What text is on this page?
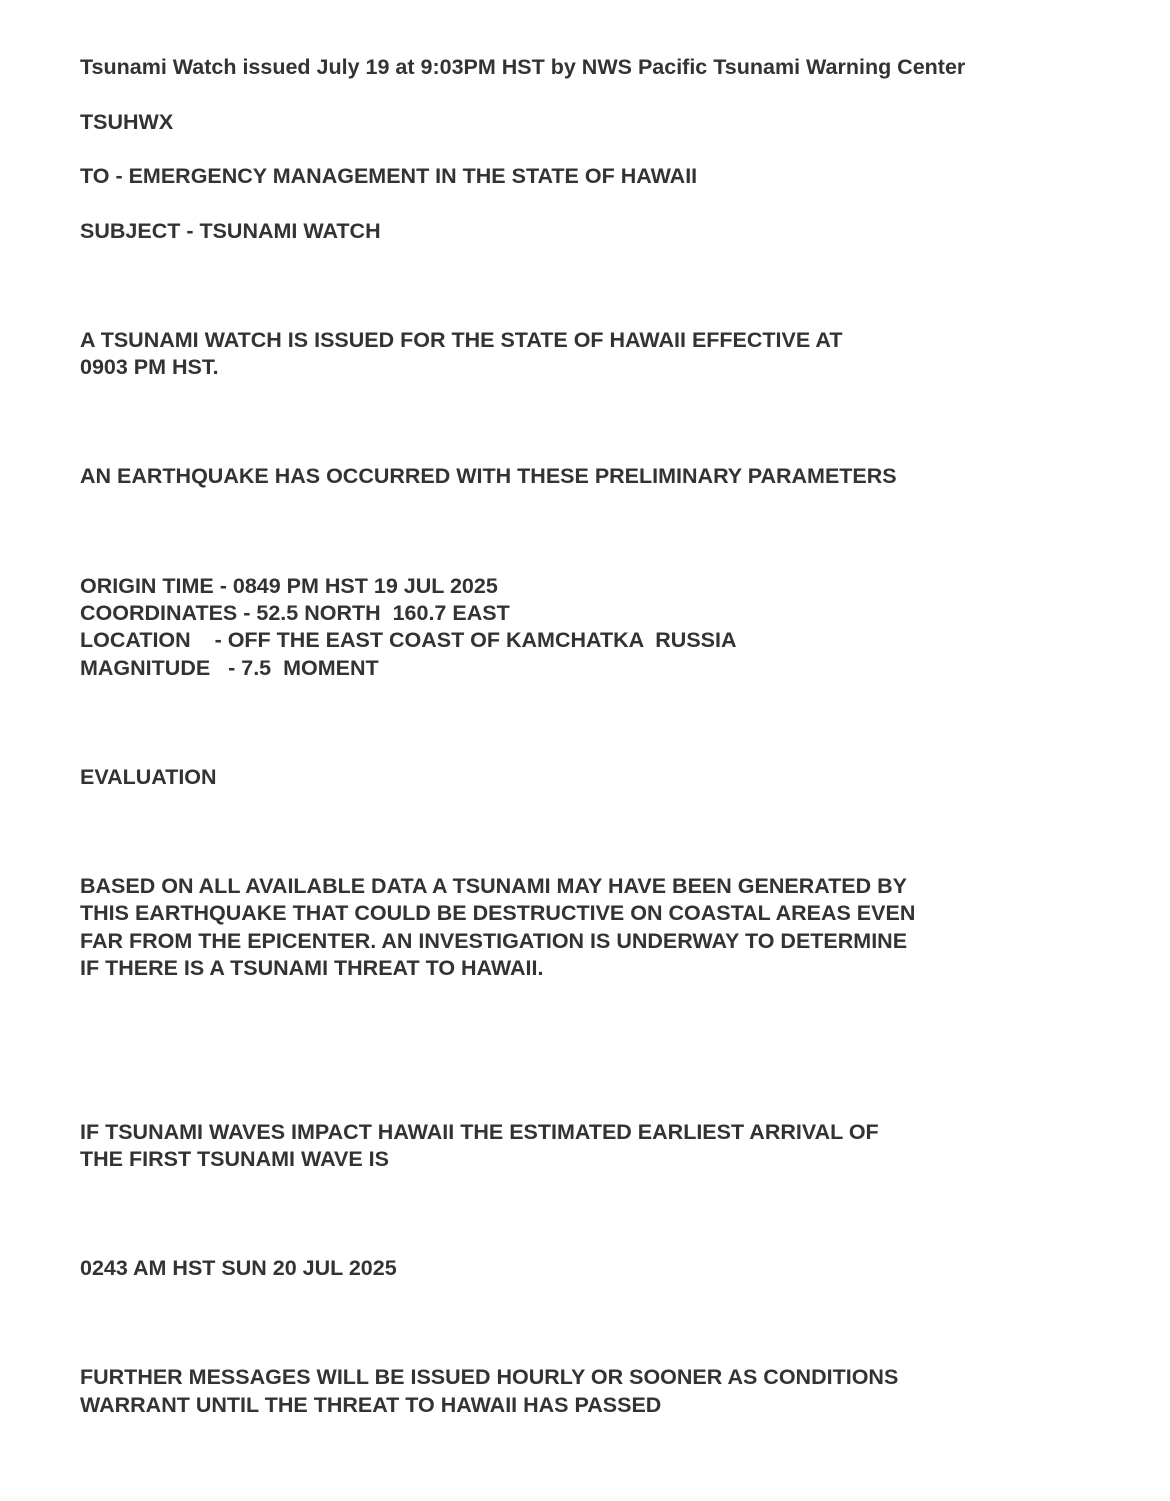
Tsunami Watch issued July 19 at 9:03PM HST by NWS Pacific Tsunami Warning Center

TSUHWX

TO - EMERGENCY MANAGEMENT IN THE STATE OF HAWAII

SUBJECT - TSUNAMI WATCH

A TSUNAMI WATCH IS ISSUED FOR THE STATE OF HAWAII EFFECTIVE AT
0903 PM HST.

AN EARTHQUAKE HAS OCCURRED WITH THESE PRELIMINARY PARAMETERS

ORIGIN TIME - 0849 PM HST 19 JUL 2025
COORDINATES - 52.5 NORTH  160.7 EAST
LOCATION    - OFF THE EAST COAST OF KAMCHATKA  RUSSIA
MAGNITUDE   - 7.5  MOMENT

EVALUATION

BASED ON ALL AVAILABLE DATA A TSUNAMI MAY HAVE BEEN GENERATED BY
THIS EARTHQUAKE THAT COULD BE DESTRUCTIVE ON COASTAL AREAS EVEN
FAR FROM THE EPICENTER. AN INVESTIGATION IS UNDERWAY TO DETERMINE
IF THERE IS A TSUNAMI THREAT TO HAWAII.

IF TSUNAMI WAVES IMPACT HAWAII THE ESTIMATED EARLIEST ARRIVAL OF
THE FIRST TSUNAMI WAVE IS

0243 AM HST SUN 20 JUL 2025

FURTHER MESSAGES WILL BE ISSUED HOURLY OR SOONER AS CONDITIONS
WARRANT UNTIL THE THREAT TO HAWAII HAS PASSED
